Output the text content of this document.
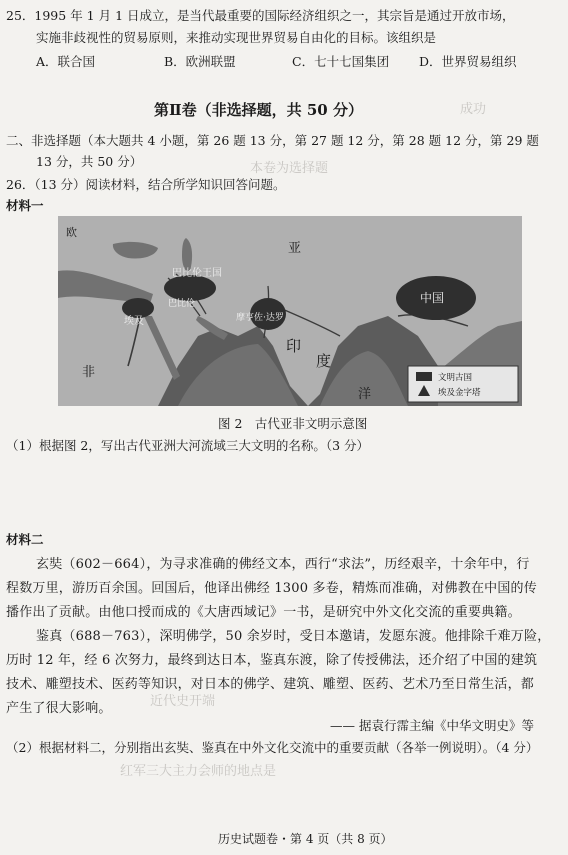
成功
本卷为选择题
近代史开端
红军三大主力会师的地点是
25．1995 年 1 月 1 日成立，是当代最重要的国际经济组织之一，其宗旨是通过开放市场，
实施非歧视性的贸易原则，来推动实现世界贸易自由化的目标。该组织是
A．联合国	B．欧洲联盟	C．七十七国集团 D．世界贸易组织
第Ⅱ卷（非选择题，共 50 分）
二、非选择题（本大题共 4 小题，第 26 题 13 分，第 27 题 12 分，第 28 题 12 分，第 29 题
13 分，共 50 分）
26．（13 分）阅读材料，结合所学知识回答问题。
材料一
欧
巴比伦王国
巴比伦
埃及	摩亨佐·达罗
印
度
中国
洋
非
亚
文明古国
埃及金字塔
图 2　古代亚非文明示意图
（1）根据图 2，写出古代亚洲大河流域三大文明的名称。（3 分）
材料二
玄奘（602－664），为寻求准确的佛经文本，西行“求法”，历经艰辛，十余年中，行
程数万里，游历百余国。回国后，他译出佛经 1300 多卷，精炼而准确，对佛教在中国的传
播作出了贡献。由他口授而成的《大唐西域记》一书，是研究中外文化交流的重要典籍。
鉴真（688－763），深明佛学，50 余岁时，受日本邀请，发愿东渡。他排除千难万险，
历时 12 年，经 6 次努力，最终到达日本，鉴真东渡，除了传授佛法，还介绍了中国的建筑
技术、雕塑技术、医药等知识，对日本的佛学、建筑、雕塑、医药、艺术乃至日常生活，都
产生了很大影响。
—— 据袁行霈主编《中华文明史》等
（2）根据材料二，分别指出玄奘、鉴真在中外文化交流中的重要贡献（各举一例说明）。（4 分）
历史试题卷・第 4 页（共 8 页）
